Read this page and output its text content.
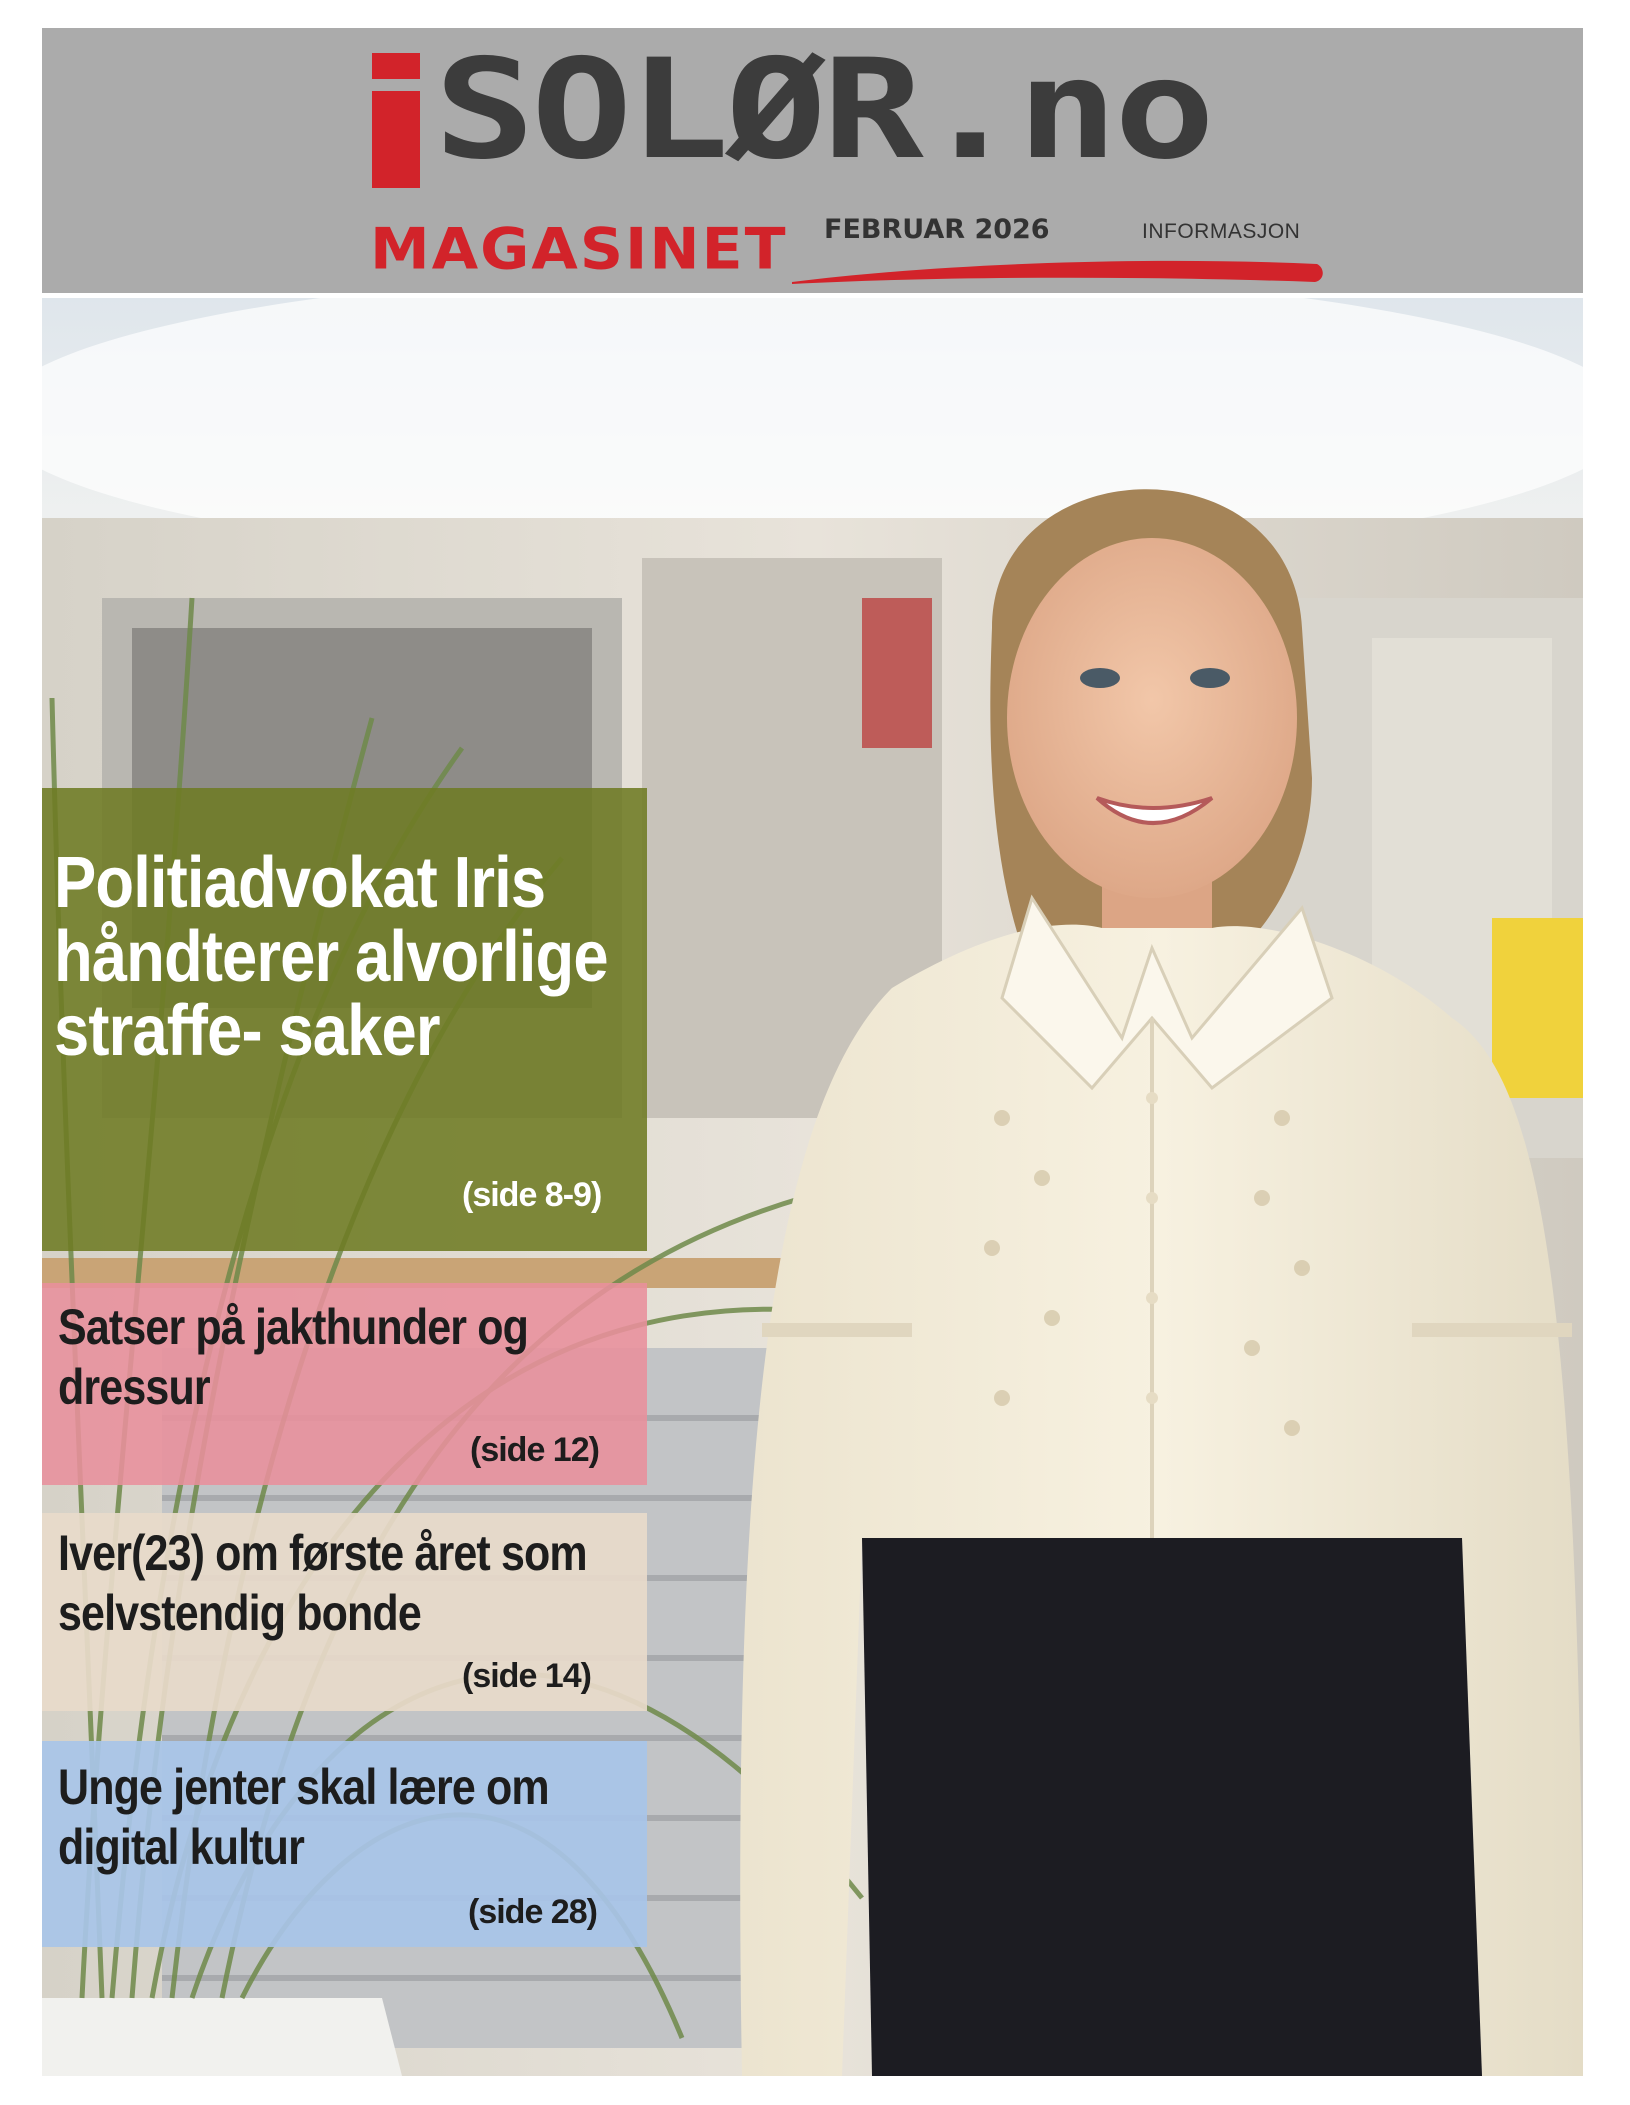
SOLØR.no
MAGASINET FEBRUAR 2026	INFORMASJON
Politiadvokat Iris håndterer alvorlige straffe- saker
(side 8-9)
Satser på jakthunder og dressur
(side 12)
Iver(23) om første året som selvstendig bonde
(side 14)
Unge jenter skal lære om digital kultur
(side 28)
